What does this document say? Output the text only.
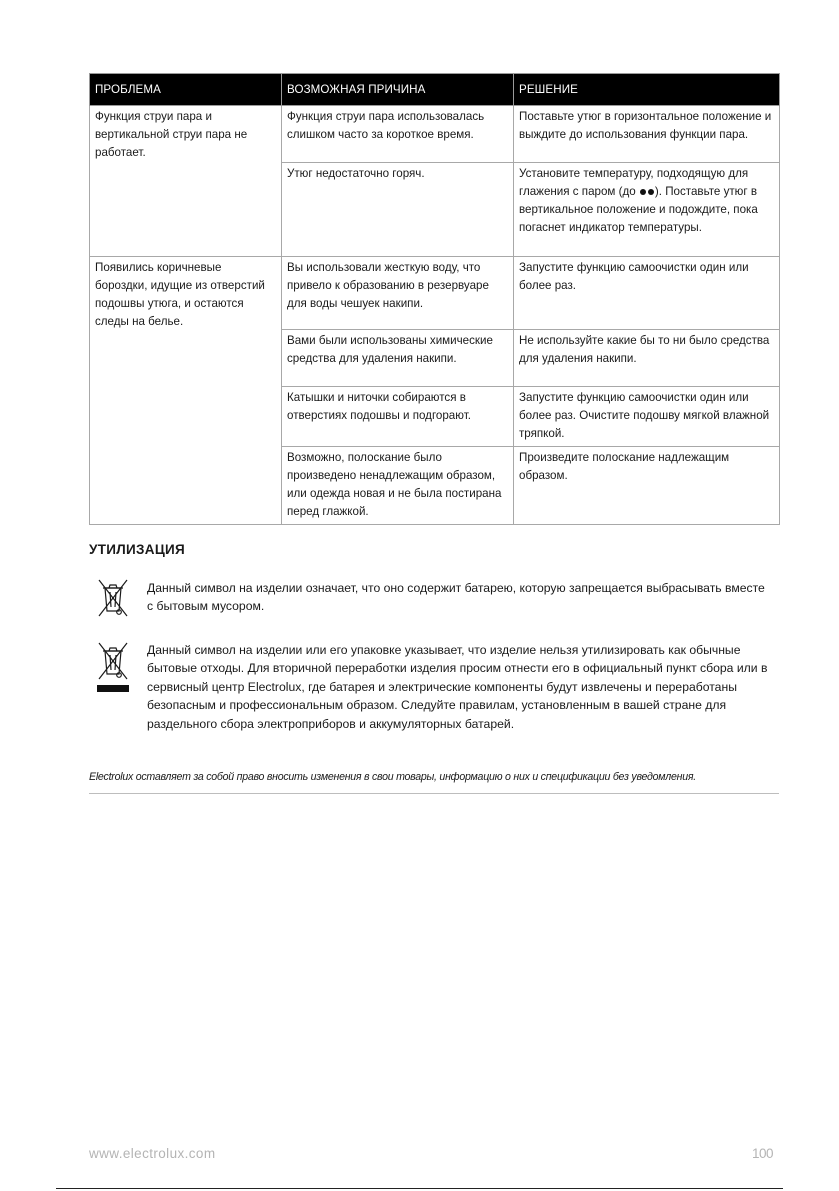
ПРОБЛЕМА	ВОЗМОЖНАЯ ПРИЧИНА	РЕШЕНИЕ
Функция струи пара и вертикальной струи пара не работает.	Функция струи пара использовалась слишком часто за короткое время.	Поставьте утюг в горизонтальное положение и выждите до использования функции пара.
	Утюг недостаточно горяч.	Установите температуру, подходящую для глажения с паром (до ). Поставьте утюг в вертикальное положение и подождите, пока погаснет индикатор температуры.
Появились коричневые бороздки, идущие из отверстий подошвы утюга, и остаются следы на белье.	Вы использовали жесткую воду, что привело к образованию в резервуаре для воды чешуек накипи.	Запустите функцию самоочистки один или более раз.
	Вами были использованы химические средства для удаления накипи.	Не используйте какие бы то ни было средства для удаления накипи.
	Катышки и ниточки собираются в отверстиях подошвы и подгорают.	Запустите функцию самоочистки один или более раз. Очистите подошву мягкой влажной тряпкой.
	Возможно, полоскание было произведено ненадлежащим образом, или одежда новая и не была постирана перед глажкой.	Произведите полоскание надлежащим образом.
УТИЛИЗАЦИЯ

Данный символ на изделии означает, что оно содержит батарею, которую запрещается выбрасывать вместе с бытовым мусором.

Данный символ на изделии или его упаковке указывает, что изделие нельзя утилизировать как обычные бытовые отходы. Для вторичной переработки изделия просим отнести его в официальный пункт сбора или в сервисный центр Electrolux, где батарея и электрические компоненты будут извлечены и переработаны безопасным и профессиональным образом. Следуйте правилам, установленным в вашей стране для раздельного сбора электроприборов и аккумуляторных батарей.

Electrolux оставляет за собой право вносить изменения в свои товары, информацию о них и спецификации без уведомления.

www.electrolux.com	100
